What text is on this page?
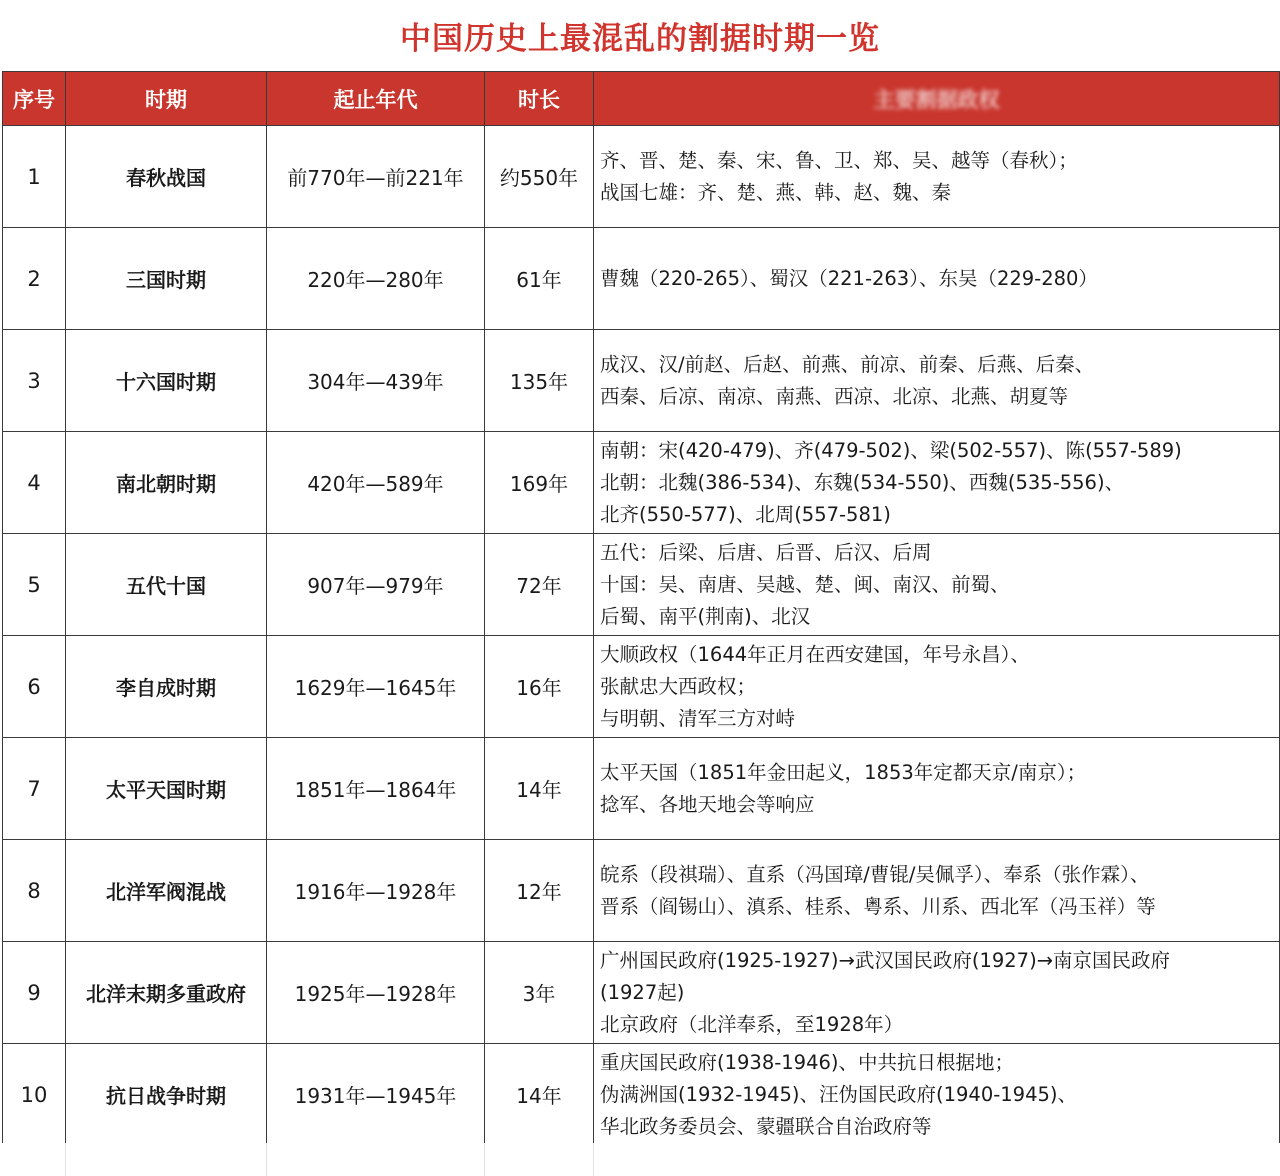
中国历史上最混乱的割据时期一览
序号	时期	起止年代	时长	主要割据政权
1	春秋战国	前770年—前221年	约550年	齐、晋、楚、秦、宋、鲁、卫、郑、吴、越等（春秋）；
战国七雄：齐、楚、燕、韩、赵、魏、秦

2	三国时期	220年—280年	61年	曹魏（220-265）、蜀汉（221-263）、东吴（229-280）

3	十六国时期	304年—439年	135年	成汉、汉/前赵、后赵、前燕、前凉、前秦、后燕、后秦、
西秦、后凉、南凉、南燕、西凉、北凉、北燕、胡夏等

4	南北朝时期	420年—589年	169年	南朝：宋(420-479)、齐(479-502)、梁(502-557)、陈(557-589)
北朝：北魏(386-534)、东魏(534-550)、西魏(535-556)、
北齐(550-577)、北周(557-581)

5	五代十国	907年—979年	72年	五代：后梁、后唐、后晋、后汉、后周
十国：吴、南唐、吴越、楚、闽、南汉、前蜀、
后蜀、南平(荆南)、北汉

6	李自成时期	1629年—1645年	16年	大顺政权（1644年正月在西安建国，年号永昌）、
张献忠大西政权；
与明朝、清军三方对峙

7	太平天国时期	1851年—1864年	14年	太平天国（1851年金田起义，1853年定都天京/南京）；
捻军、各地天地会等响应

8	北洋军阀混战	1916年—1928年	12年	皖系（段祺瑞）、直系（冯国璋/曹锟/吴佩孚）、奉系（张作霖）、
晋系（阎锡山）、滇系、桂系、粤系、川系、西北军（冯玉祥）等

9	北洋末期多重政府	1925年—1928年	3年	广州国民政府(1925-1927)→武汉国民政府(1927)→南京国民政府
(1927起)
北京政府（北洋奉系，至1928年）

10	抗日战争时期	1931年—1945年	14年	重庆国民政府(1938-1946)、中共抗日根据地；
伪满洲国(1932-1945)、汪伪国民政府(1940-1945)、
华北政务委员会、蒙疆联合自治政府等
